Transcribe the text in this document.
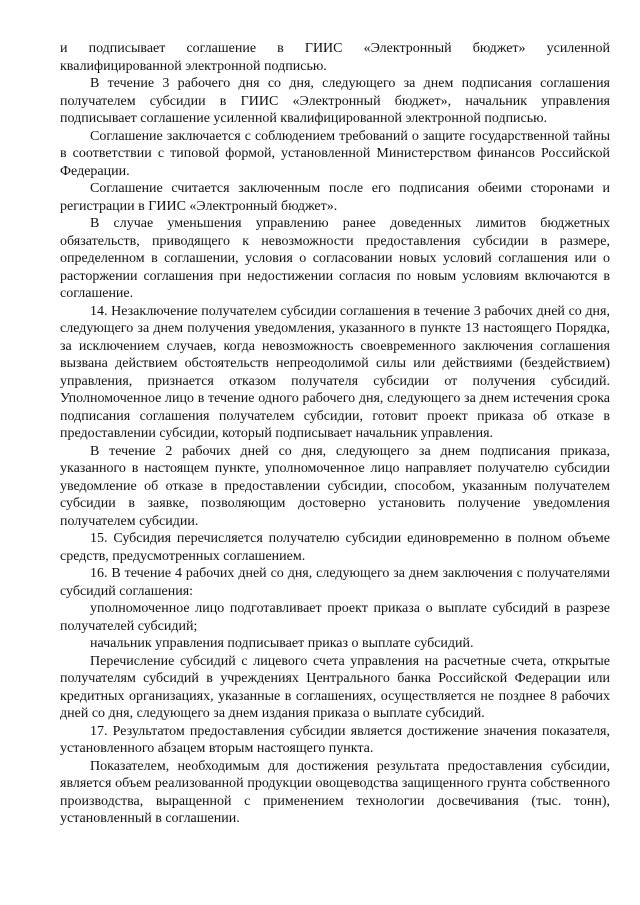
и подписывает соглашение в ГИИС «Электронный бюджет» усиленной квалифицированной электронной подписью.

В течение 3 рабочего дня со дня, следующего за днем подписания соглашения получателем субсидии в ГИИС «Электронный бюджет», начальник управления подписывает соглашение усиленной квалифицированной электронной подписью.

Соглашение заключается с соблюдением требований о защите государственной тайны в соответствии с типовой формой, установленной Министерством финансов Российской Федерации.

Соглашение считается заключенным после его подписания обеими сторонами и регистрации в ГИИС «Электронный бюджет».

В случае уменьшения управлению ранее доведенных лимитов бюджетных обязательств, приводящего к невозможности предоставления субсидии в размере, определенном в соглашении, условия о согласовании новых условий соглашения или о расторжении соглашения при недостижении согласия по новым условиям включаются в соглашение.

14. Незаключение получателем субсидии соглашения в течение 3 рабочих дней со дня, следующего за днем получения уведомления, указанного в пункте 13 настоящего Порядка, за исключением случаев, когда невозможность своевременного заключения соглашения вызвана действием обстоятельств непреодолимой силы или действиями (бездействием) управления, признается отказом получателя субсидии от получения субсидий. Уполномоченное лицо в течение одного рабочего дня, следующего за днем истечения срока подписания соглашения получателем субсидии, готовит проект приказа об отказе в предоставлении субсидии, который подписывает начальник управления.

В течение 2 рабочих дней со дня, следующего за днем подписания приказа, указанного в настоящем пункте, уполномоченное лицо направляет получателю субсидии уведомление об отказе в предоставлении субсидии, способом, указанным получателем субсидии в заявке, позволяющим достоверно установить получение уведомления получателем субсидии.

15. Субсидия перечисляется получателю субсидии единовременно в полном объеме средств, предусмотренных соглашением.

16. В течение 4 рабочих дней со дня, следующего за днем заключения с получателями субсидий соглашения:

уполномоченное лицо подготавливает проект приказа о выплате субсидий в разрезе получателей субсидий;

начальник управления подписывает приказ о выплате субсидий.

Перечисление субсидий с лицевого счета управления на расчетные счета, открытые получателям субсидий в учреждениях Центрального банка Российской Федерации или кредитных организациях, указанные в соглашениях, осуществляется не позднее 8 рабочих дней со дня, следующего за днем издания приказа о выплате субсидий.

17. Результатом предоставления субсидии является достижение значения показателя, установленного абзацем вторым настоящего пункта.

Показателем, необходимым для достижения результата предоставления субсидии, является объем реализованной продукции овощеводства защищенного грунта собственного производства, выращенной с применением технологии досвечивания (тыс. тонн), установленный в соглашении.
